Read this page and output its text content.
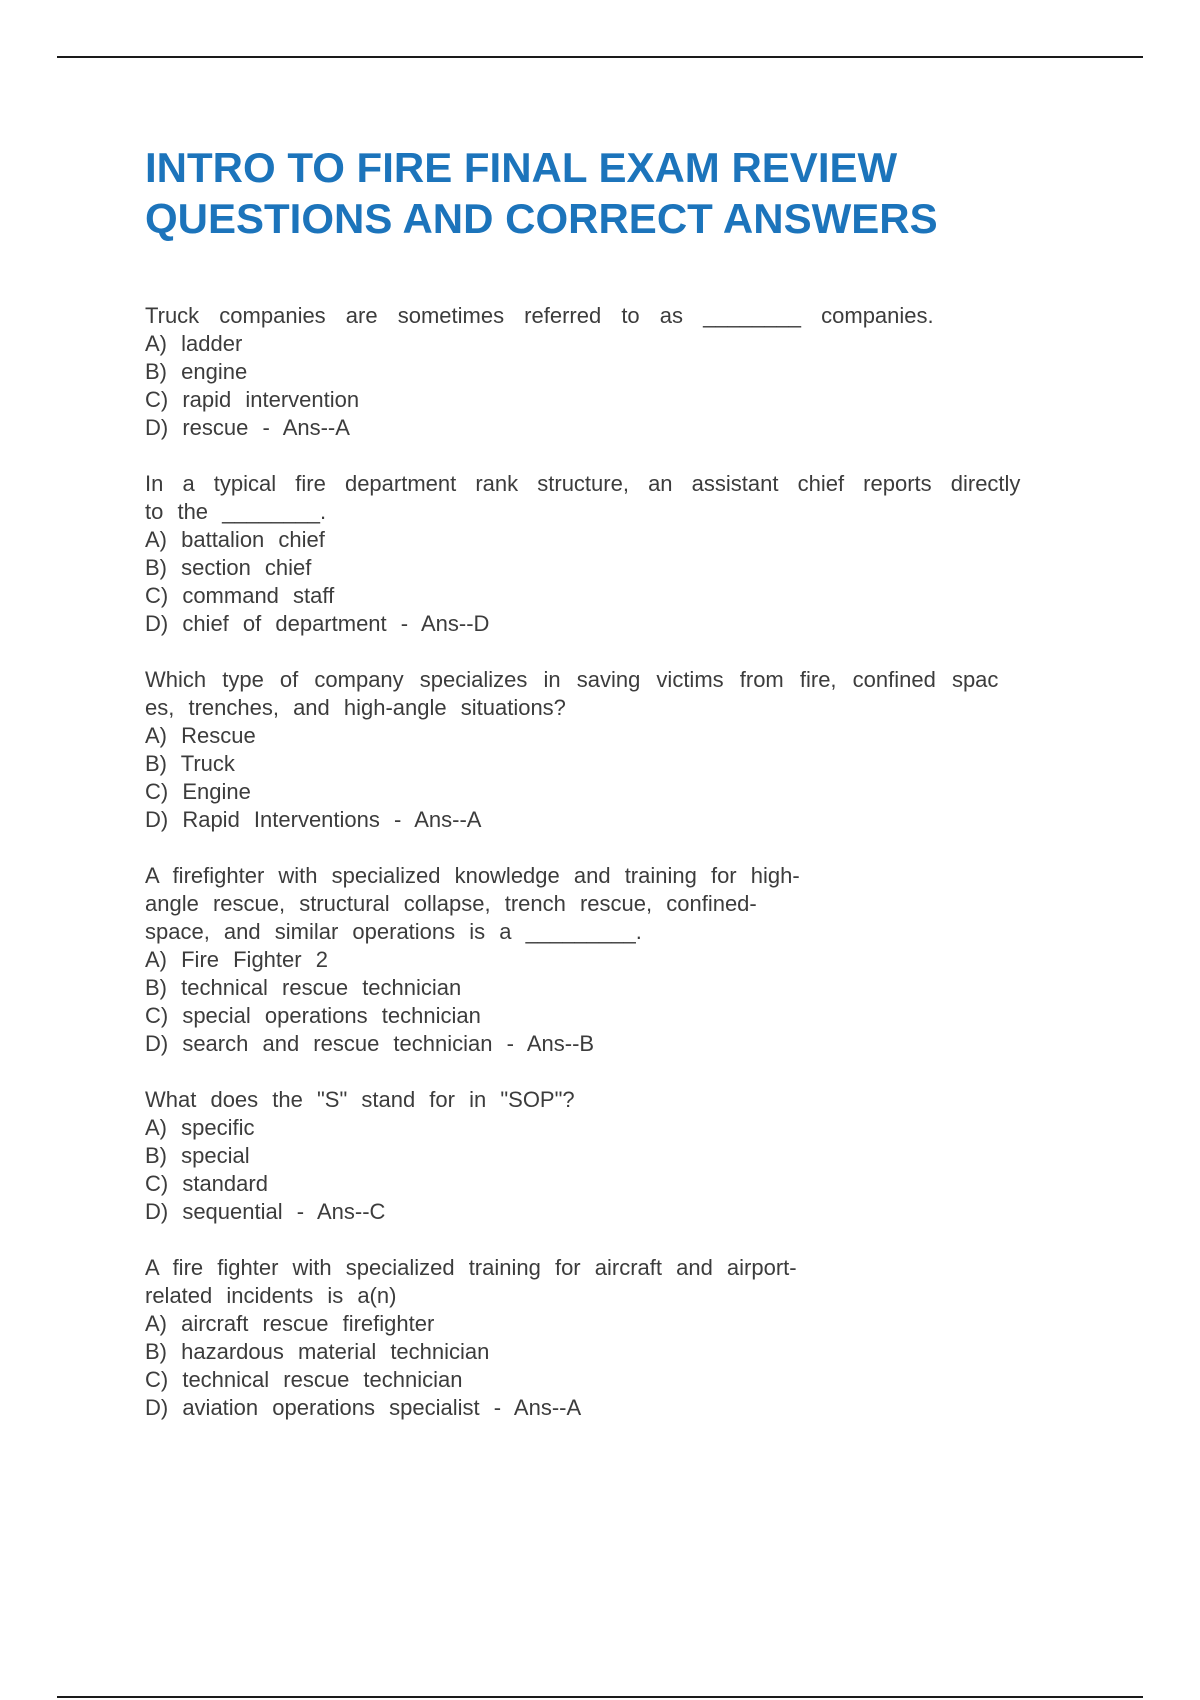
INTRO TO FIRE FINAL EXAM REVIEW
QUESTIONS AND CORRECT ANSWERS

Truck companies are sometimes referred to as ________ companies.

A) ladder

B) engine

C) rapid intervention

D) rescue - Ans--A

In a typical fire department rank structure, an assistant chief reports directly
to the ________.

A) battalion chief

B) section chief

C) command staff

D) chief of department - Ans--D

Which type of company specializes in saving victims from fire, confined spac
es, trenches, and high-angle situations?

A) Rescue

B) Truck

C) Engine

D) Rapid Interventions - Ans--A

A firefighter with specialized knowledge and training for high-
angle rescue, structural collapse, trench rescue, confined-
space, and similar operations is a _________.

A) Fire Fighter 2

B) technical rescue technician

C) special operations technician

D) search and rescue technician - Ans--B

What does the "S" stand for in "SOP"?

A) specific

B) special

C) standard

D) sequential - Ans--C

A fire fighter with specialized training for aircraft and airport-
related incidents is a(n)

A) aircraft rescue firefighter

B) hazardous material technician

C) technical rescue technician

D) aviation operations specialist - Ans--A
